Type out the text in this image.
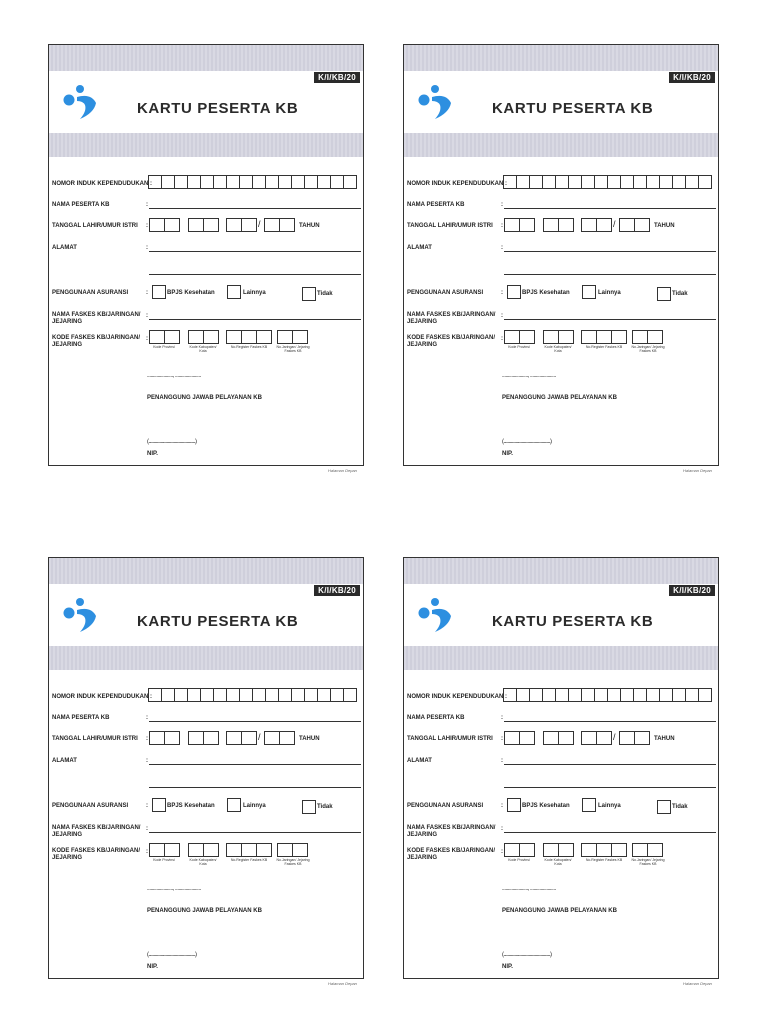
K/I/KB/20
KARTU PESERTA KB
NOMOR INDUK KEPENDUDUKAN :
NAMA PESERTA KB	:
TANGGAL LAHIR/UMUR ISTRI :	/	TAHUN
ALAMAT	:
PENGGUNAAN ASURANSI	:	BPJS Kesehatan	Lainnya	Tidak
NAMA FASKES KB/JARINGAN/
JEJARING
:
KODE FASKES KB/JARINGAN/
JEJARING
:
Kode Provinsi	Kode Kabupaten/ Kota
No.Register Faskes KB	No.Jaringan/ Jejaring Faskes KB
......................, ......................
PENANGGUNG JAWAB PELAYANAN KB
(......................................................)
NIP.
K/I/KB/20
KARTU PESERTA KB
NOMOR INDUK KEPENDUDUKAN :
NAMA PESERTA KB	:
TANGGAL LAHIR/UMUR ISTRI :	/	TAHUN
ALAMAT	:
PENGGUNAAN ASURANSI	:	BPJS Kesehatan	Lainnya	Tidak
NAMA FASKES KB/JARINGAN/
JEJARING
:
KODE FASKES KB/JARINGAN/
JEJARING
:
Kode Provinsi	Kode Kabupaten/ Kota
No.Register Faskes KB	No.Jaringan/ Jejaring Faskes KB
......................, ......................
PENANGGUNG JAWAB PELAYANAN KB
(......................................................)
NIP.
K/I/KB/20
KARTU PESERTA KB
NOMOR INDUK KEPENDUDUKAN :
NAMA PESERTA KB	:
TANGGAL LAHIR/UMUR ISTRI :	/	TAHUN
ALAMAT	:
PENGGUNAAN ASURANSI	:	BPJS Kesehatan	Lainnya	Tidak
NAMA FASKES KB/JARINGAN/
JEJARING
:
KODE FASKES KB/JARINGAN/
JEJARING
:
Kode Provinsi	Kode Kabupaten/ Kota
No.Register Faskes KB	No.Jaringan/ Jejaring Faskes KB
......................, ......................
PENANGGUNG JAWAB PELAYANAN KB
(......................................................)
NIP.
K/I/KB/20
KARTU PESERTA KB
NOMOR INDUK KEPENDUDUKAN :
NAMA PESERTA KB	:
TANGGAL LAHIR/UMUR ISTRI :	/	TAHUN
ALAMAT	:
PENGGUNAAN ASURANSI	:	BPJS Kesehatan	Lainnya	Tidak
NAMA FASKES KB/JARINGAN/
JEJARING
:
KODE FASKES KB/JARINGAN/
JEJARING
:
Kode Provinsi	Kode Kabupaten/ Kota
No.Register Faskes KB	No.Jaringan/ Jejaring Faskes KB
......................, ......................
PENANGGUNG JAWAB PELAYANAN KB
(......................................................)
NIP.
Halaman Depan	Halaman Depan
Halaman Depan	Halaman Depan
